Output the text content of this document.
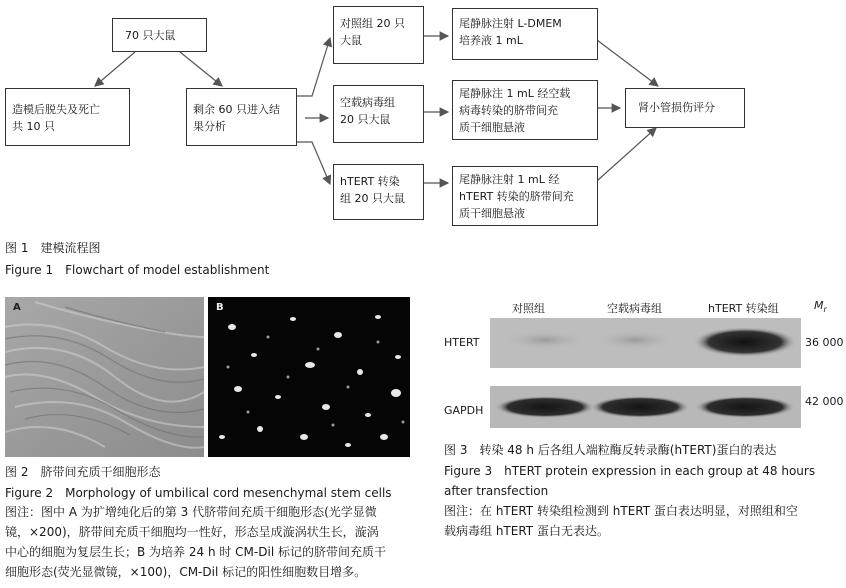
70 只大鼠
造模后脱失及死亡
共 10 只
剩余 60 只进入结
果分析
对照组 20 只
大鼠
空载病毒组
20 只大鼠
hTERT 转染
组 20 只大鼠
尾静脉注射 L-DMEM
培养液 1 mL
尾静脉注 1 mL 经空载
病毒转染的脐带间充
质干细胞悬液
尾静脉注射 1 mL 经
hTERT 转染的脐带间充
质干细胞悬液
肾小管损伤评分
图 1　建模流程图
Figure 1　Flowchart of model establishment
A	B
图 2　脐带间充质干细胞形态
Figure 2　Morphology of umbilical cord mesenchymal stem cells
图注：图中 A 为扩增纯化后的第 3 代脐带间充质干细胞形态(光学显微
镜，×200)，脐带间充质干细胞均一性好，形态呈成漩涡状生长，漩涡
中心的细胞为复层生长；B 为培养 24 h 时 CM-Dil 标记的脐带间充质干
细胞形态(荧光显微镜，×100)，CM-Dil 标记的阳性细胞数目增多。
对照组	空载病毒组	hTERT 转染组	$M_r$
HTERT
GAPDH
36 000
42 000
图 3　转染 48 h 后各组人端粒酶反转录酶(hTERT)蛋白的表达
Figure 3　hTERT protein expression in each group at 48 hours
after transfection
图注：在 hTERT 转染组检测到 hTERT 蛋白表达明显，对照组和空
载病毒组 hTERT 蛋白无表达。
